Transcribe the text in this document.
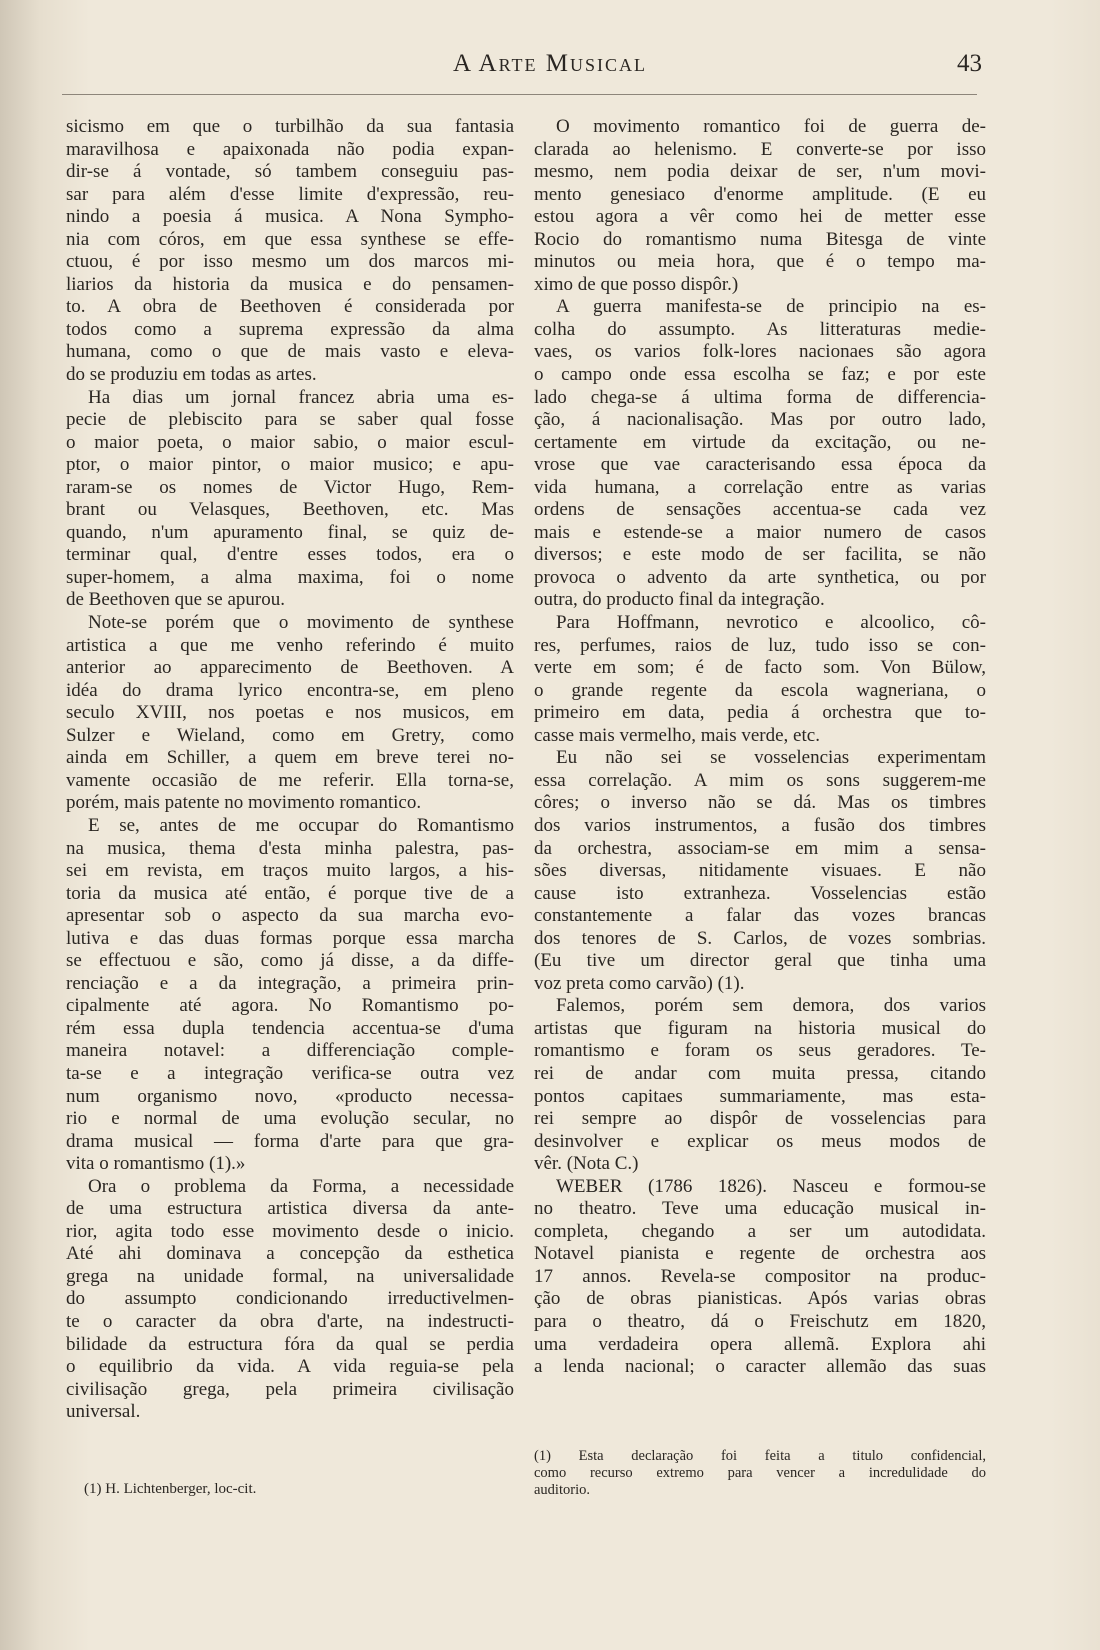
A Arte Musical	43
sicismo em que o turbilhão da sua fantasia
maravilhosa e apaixonada não podia expan-
dir-se á vontade, só tambem conseguiu pas-
sar para além d'esse limite d'expressão, reu-
nindo a poesia á musica. A Nona Sympho-
nia com córos, em que essa synthese se effe-
ctuou, é por isso mesmo um dos marcos mi-
liarios da historia da musica e do pensamen-
to. A obra de Beethoven é considerada por
todos como a suprema expressão da alma
humana, como o que de mais vasto e eleva-
do se produziu em todas as artes.
Ha dias um jornal francez abria uma es-
pecie de plebiscito para se saber qual fosse
o maior poeta, o maior sabio, o maior escul-
ptor, o maior pintor, o maior musico; e apu-
raram-se os nomes de Victor Hugo, Rem-
brant ou Velasques, Beethoven, etc. Mas
quando, n'um apuramento final, se quiz de-
terminar qual, d'entre esses todos, era o
super-homem, a alma maxima, foi o nome
de Beethoven que se apurou.
Note-se porém que o movimento de synthese
artistica a que me venho referindo é muito
anterior ao apparecimento de Beethoven. A
idéa do drama lyrico encontra-se, em pleno
seculo XVIII, nos poetas e nos musicos, em
Sulzer e Wieland, como em Gretry, como
ainda em Schiller, a quem em breve terei no-
vamente occasião de me referir. Ella torna-se,
porém, mais patente no movimento romantico.
E se, antes de me occupar do Romantismo
na musica, thema d'esta minha palestra, pas-
sei em revista, em traços muito largos, a his-
toria da musica até então, é porque tive de a
apresentar sob o aspecto da sua marcha evo-
lutiva e das duas formas porque essa marcha
se effectuou e são, como já disse, a da diffe-
renciação e a da integração, a primeira prin-
cipalmente até agora. No Romantismo po-
rém essa dupla tendencia accentua-se d'uma
maneira notavel: a differenciação comple-
ta-se e a integração verifica-se outra vez
num organismo novo, «producto necessa-
rio e normal de uma evolução secular, no
drama musical — forma d'arte para que gra-
vita o romantismo (1).»
Ora o problema da Forma, a necessidade
de uma estructura artistica diversa da ante-
rior, agita todo esse movimento desde o inicio.
Até ahi dominava a concepção da esthetica
grega na unidade formal, na universalidade
do assumpto condicionando irreductivelmen-
te o caracter da obra d'arte, na indestructi-
bilidade da estructura fóra da qual se perdia
o equilibrio da vida. A vida reguia-se pela
civilisação grega, pela primeira civilisação
universal.
O movimento romantico foi de guerra de-
clarada ao helenismo. E converte-se por isso
mesmo, nem podia deixar de ser, n'um movi-
mento genesiaco d'enorme amplitude. (E eu
estou agora a vêr como hei de metter esse
Rocio do romantismo numa Bitesga de vinte
minutos ou meia hora, que é o tempo ma-
ximo de que posso dispôr.)
A guerra manifesta-se de principio na es-
colha do assumpto. As litteraturas medie-
vaes, os varios folk-lores nacionaes são agora
o campo onde essa escolha se faz; e por este
lado chega-se á ultima forma de differencia-
ção, á nacionalisação. Mas por outro lado,
certamente em virtude da excitação, ou ne-
vrose que vae caracterisando essa época da
vida humana, a correlação entre as varias
ordens de sensações accentua-se cada vez
mais e estende-se a maior numero de casos
diversos; e este modo de ser facilita, se não
provoca o advento da arte synthetica, ou por
outra, do producto final da integração.
Para Hoffmann, nevrotico e alcoolico, cô-
res, perfumes, raios de luz, tudo isso se con-
verte em som; é de facto som. Von Bülow,
o grande regente da escola wagneriana, o
primeiro em data, pedia á orchestra que to-
casse mais vermelho, mais verde, etc.
Eu não sei se vosselencias experimentam
essa correlação. A mim os sons suggerem-me
côres; o inverso não se dá. Mas os timbres
dos varios instrumentos, a fusão dos timbres
da orchestra, associam-se em mim a sensa-
sões diversas, nitidamente visuaes. E não
cause isto extranheza. Vosselencias estão
constantemente a falar das vozes brancas
dos tenores de S. Carlos, de vozes sombrias.
(Eu tive um director geral que tinha uma
voz preta como carvão) (1).
Falemos, porém sem demora, dos varios
artistas que figuram na historia musical do
romantismo e foram os seus geradores. Te-
rei de andar com muita pressa, citando
pontos capitaes summariamente, mas esta-
rei sempre ao dispôr de vosselencias para
desinvolver e explicar os meus modos de
vêr. (Nota C.)
WEBER (1786 1826). Nasceu e formou-se
no theatro. Teve uma educação musical in-
completa, chegando a ser um autodidata.
Notavel pianista e regente de orchestra aos
17 annos. Revela-se compositor na produc-
ção de obras pianisticas. Após varias obras
para o theatro, dá o Freischutz em 1820,
uma verdadeira opera allemã. Explora ahi
a lenda nacional; o caracter allemão das suas
(1) H. Lichtenberger, loc-cit.
(1) Esta declaração foi feita a titulo confidencial,
como recurso extremo para vencer a incredulidade do
auditorio.
